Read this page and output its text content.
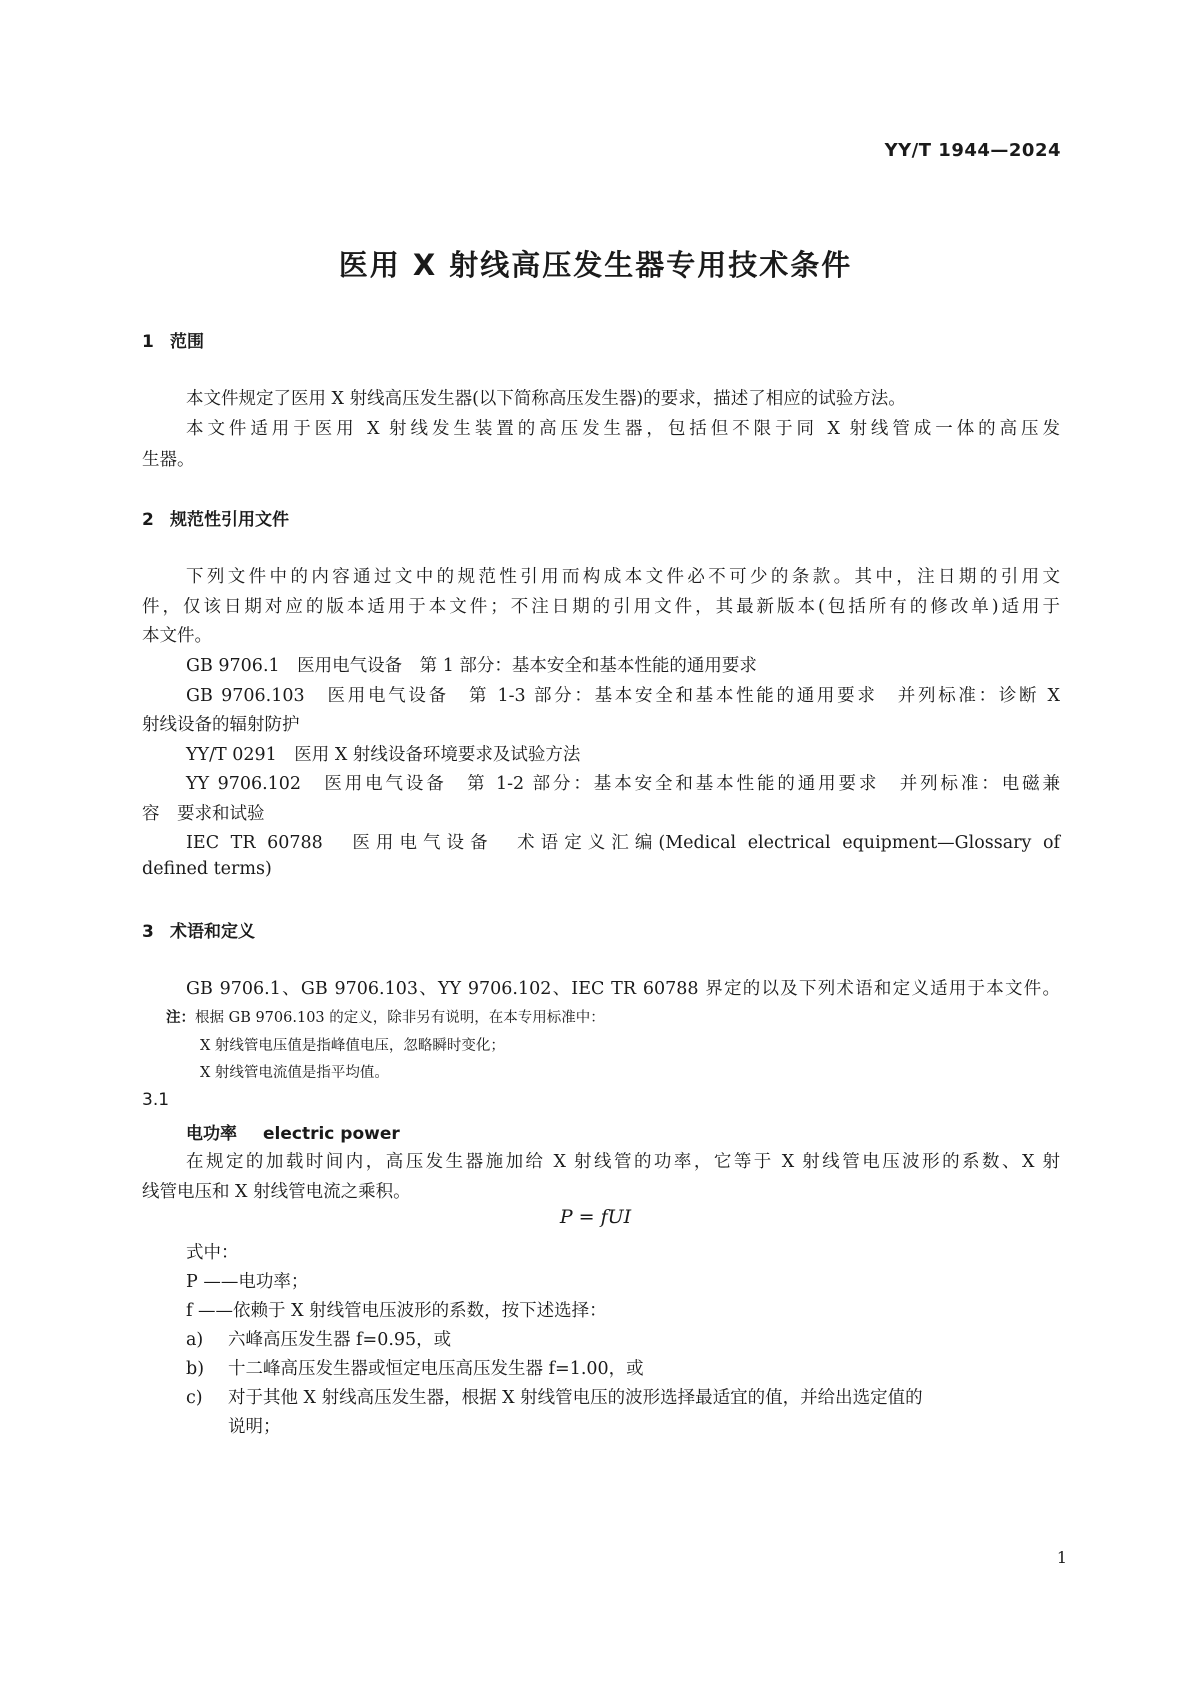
YY/T 1944—2024
医用 X 射线高压发生器专用技术条件
1 范围
本文件规定了医用 X 射线高压发生器(以下简称高压发生器)的要求，描述了相应的试验方法。
本文件适用于医用 X 射线发生装置的高压发生器，包括但不限于同 X 射线管成一体的高压发
生器。
2 规范性引用文件
下列文件中的内容通过文中的规范性引用而构成本文件必不可少的条款。其中，注日期的引用文
件，仅该日期对应的版本适用于本文件；不注日期的引用文件，其最新版本(包括所有的修改单)适用于
本文件。
GB 9706.1　医用电气设备　第 1 部分：基本安全和基本性能的通用要求
GB 9706.103　医用电气设备　第 1-3 部分：基本安全和基本性能的通用要求　并列标准：诊断 X
射线设备的辐射防护
YY/T 0291　医用 X 射线设备环境要求及试验方法
YY 9706.102　医用电气设备　第 1-2 部分：基本安全和基本性能的通用要求　并列标准：电磁兼
容　要求和试验
IEC TR 60788　医用电气设备　术语定义汇编(Medical electrical equipment—Glossary of
defined terms)
3 术语和定义
GB 9706.1、GB 9706.103、YY 9706.102、IEC TR 60788 界定的以及下列术语和定义适用于本文件。
注：根据 GB 9706.103 的定义，除非另有说明，在本专用标准中：
X 射线管电压值是指峰值电压，忽略瞬时变化；
X 射线管电流值是指平均值。
3.1
电功率 electric power
在规定的加载时间内，高压发生器施加给 X 射线管的功率，它等于 X 射线管电压波形的系数、X 射
线管电压和 X 射线管电流之乘积。
P = fUI
式中：
P ——电功率；
f ——依赖于 X 射线管电压波形的系数，按下述选择：
a) 六峰高压发生器 f=0.95，或
b) 十二峰高压发生器或恒定电压高压发生器 f=1.00，或
c) 对于其他 X 射线高压发生器，根据 X 射线管电压的波形选择最适宜的值，并给出选定值的
说明；
1
